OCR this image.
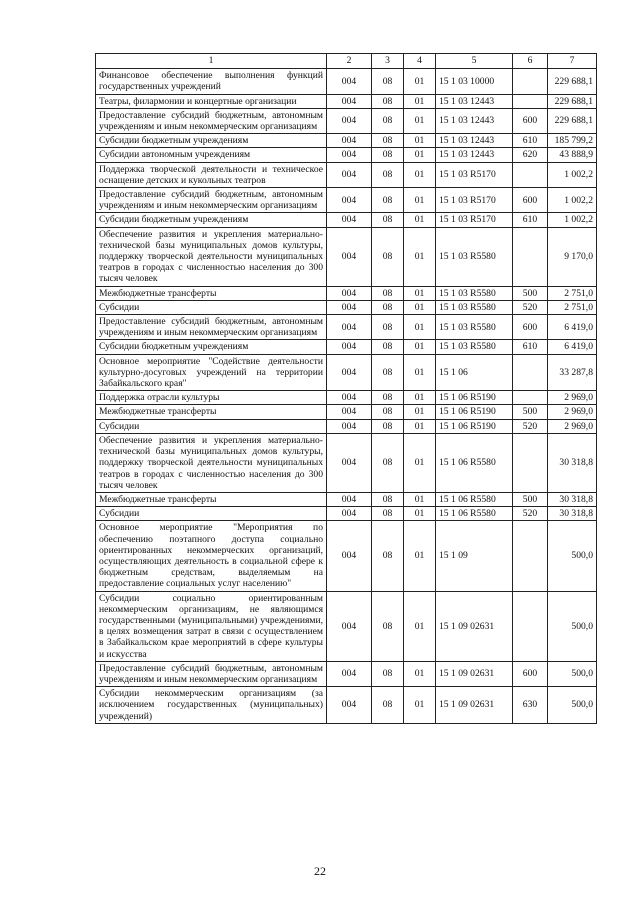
1	2	3	4	5	6	7
Финансовое обеспечение выполнения функций государственных учреждений	004	08	01	15 1 03 10000		229 688,1
Театры, филармонии и концертные организации	004	08	01	15 1 03 12443		229 688,1
Предоставление субсидий бюджетным, автономным учреждениям и иным некоммерческим организациям	004	08	01	15 1 03 12443	600	229 688,1
Субсидии бюджетным учреждениям	004	08	01	15 1 03 12443	610	185 799,2
Субсидии автономным учреждениям	004	08	01	15 1 03 12443	620	43 888,9
Поддержка творческой деятельности и техническое оснащение детских и кукольных театров	004	08	01	15 1 03 R5170		1 002,2
Предоставление субсидий бюджетным, автономным учреждениям и иным некоммерческим организациям	004	08	01	15 1 03 R5170	600	1 002,2
Субсидии бюджетным учреждениям	004	08	01	15 1 03 R5170	610	1 002,2
Обеспечение развития и укрепления материально-технической базы муниципальных домов культуры, поддержку творческой деятельности муниципальных театров в городах с численностью населения до 300 тысяч человек	004	08	01	15 1 03 R5580		9 170,0
Межбюджетные трансферты	004	08	01	15 1 03 R5580	500	2 751,0
Субсидии	004	08	01	15 1 03 R5580	520	2 751,0
Предоставление субсидий бюджетным, автономным учреждениям и иным некоммерческим организациям	004	08	01	15 1 03 R5580	600	6 419,0
Субсидии бюджетным учреждениям	004	08	01	15 1 03 R5580	610	6 419,0
Основное мероприятие "Содействие деятельности культурно-досуговых учреждений на территории Забайкальского края"	004	08	01	15 1 06		33 287,8
Поддержка отрасли культуры	004	08	01	15 1 06 R5190		2 969,0
Межбюджетные трансферты	004	08	01	15 1 06 R5190	500	2 969,0
Субсидии	004	08	01	15 1 06 R5190	520	2 969,0
Обеспечение развития и укрепления материально-технической базы муниципальных домов культуры, поддержку творческой деятельности муниципальных театров в городах с численностью населения до 300 тысяч человек	004	08	01	15 1 06 R5580		30 318,8
Межбюджетные трансферты	004	08	01	15 1 06 R5580	500	30 318,8
Субсидии	004	08	01	15 1 06 R5580	520	30 318,8
Основное мероприятие "Мероприятия по обеспечению поэтапного доступа социально ориентированных некоммерческих организаций, осуществляющих деятельность в социальной сфере к бюджетным средствам, выделяемым на предоставление социальных услуг населению"	004	08	01	15 1 09		500,0
Субсидии социально ориентированным некоммерческим организациям, не являющимся государственными (муниципальными) учреждениями, в целях возмещения затрат в связи с осуществлением в Забайкальском крае мероприятий в сфере культуры и искусства	004	08	01	15 1 09 02631		500,0
Предоставление субсидий бюджетным, автономным учреждениям и иным некоммерческим организациям	004	08	01	15 1 09 02631	600	500,0
Субсидии некоммерческим организациям (за исключением государственных (муниципальных) учреждений)	004	08	01	15 1 09 02631	630	500,0
22
